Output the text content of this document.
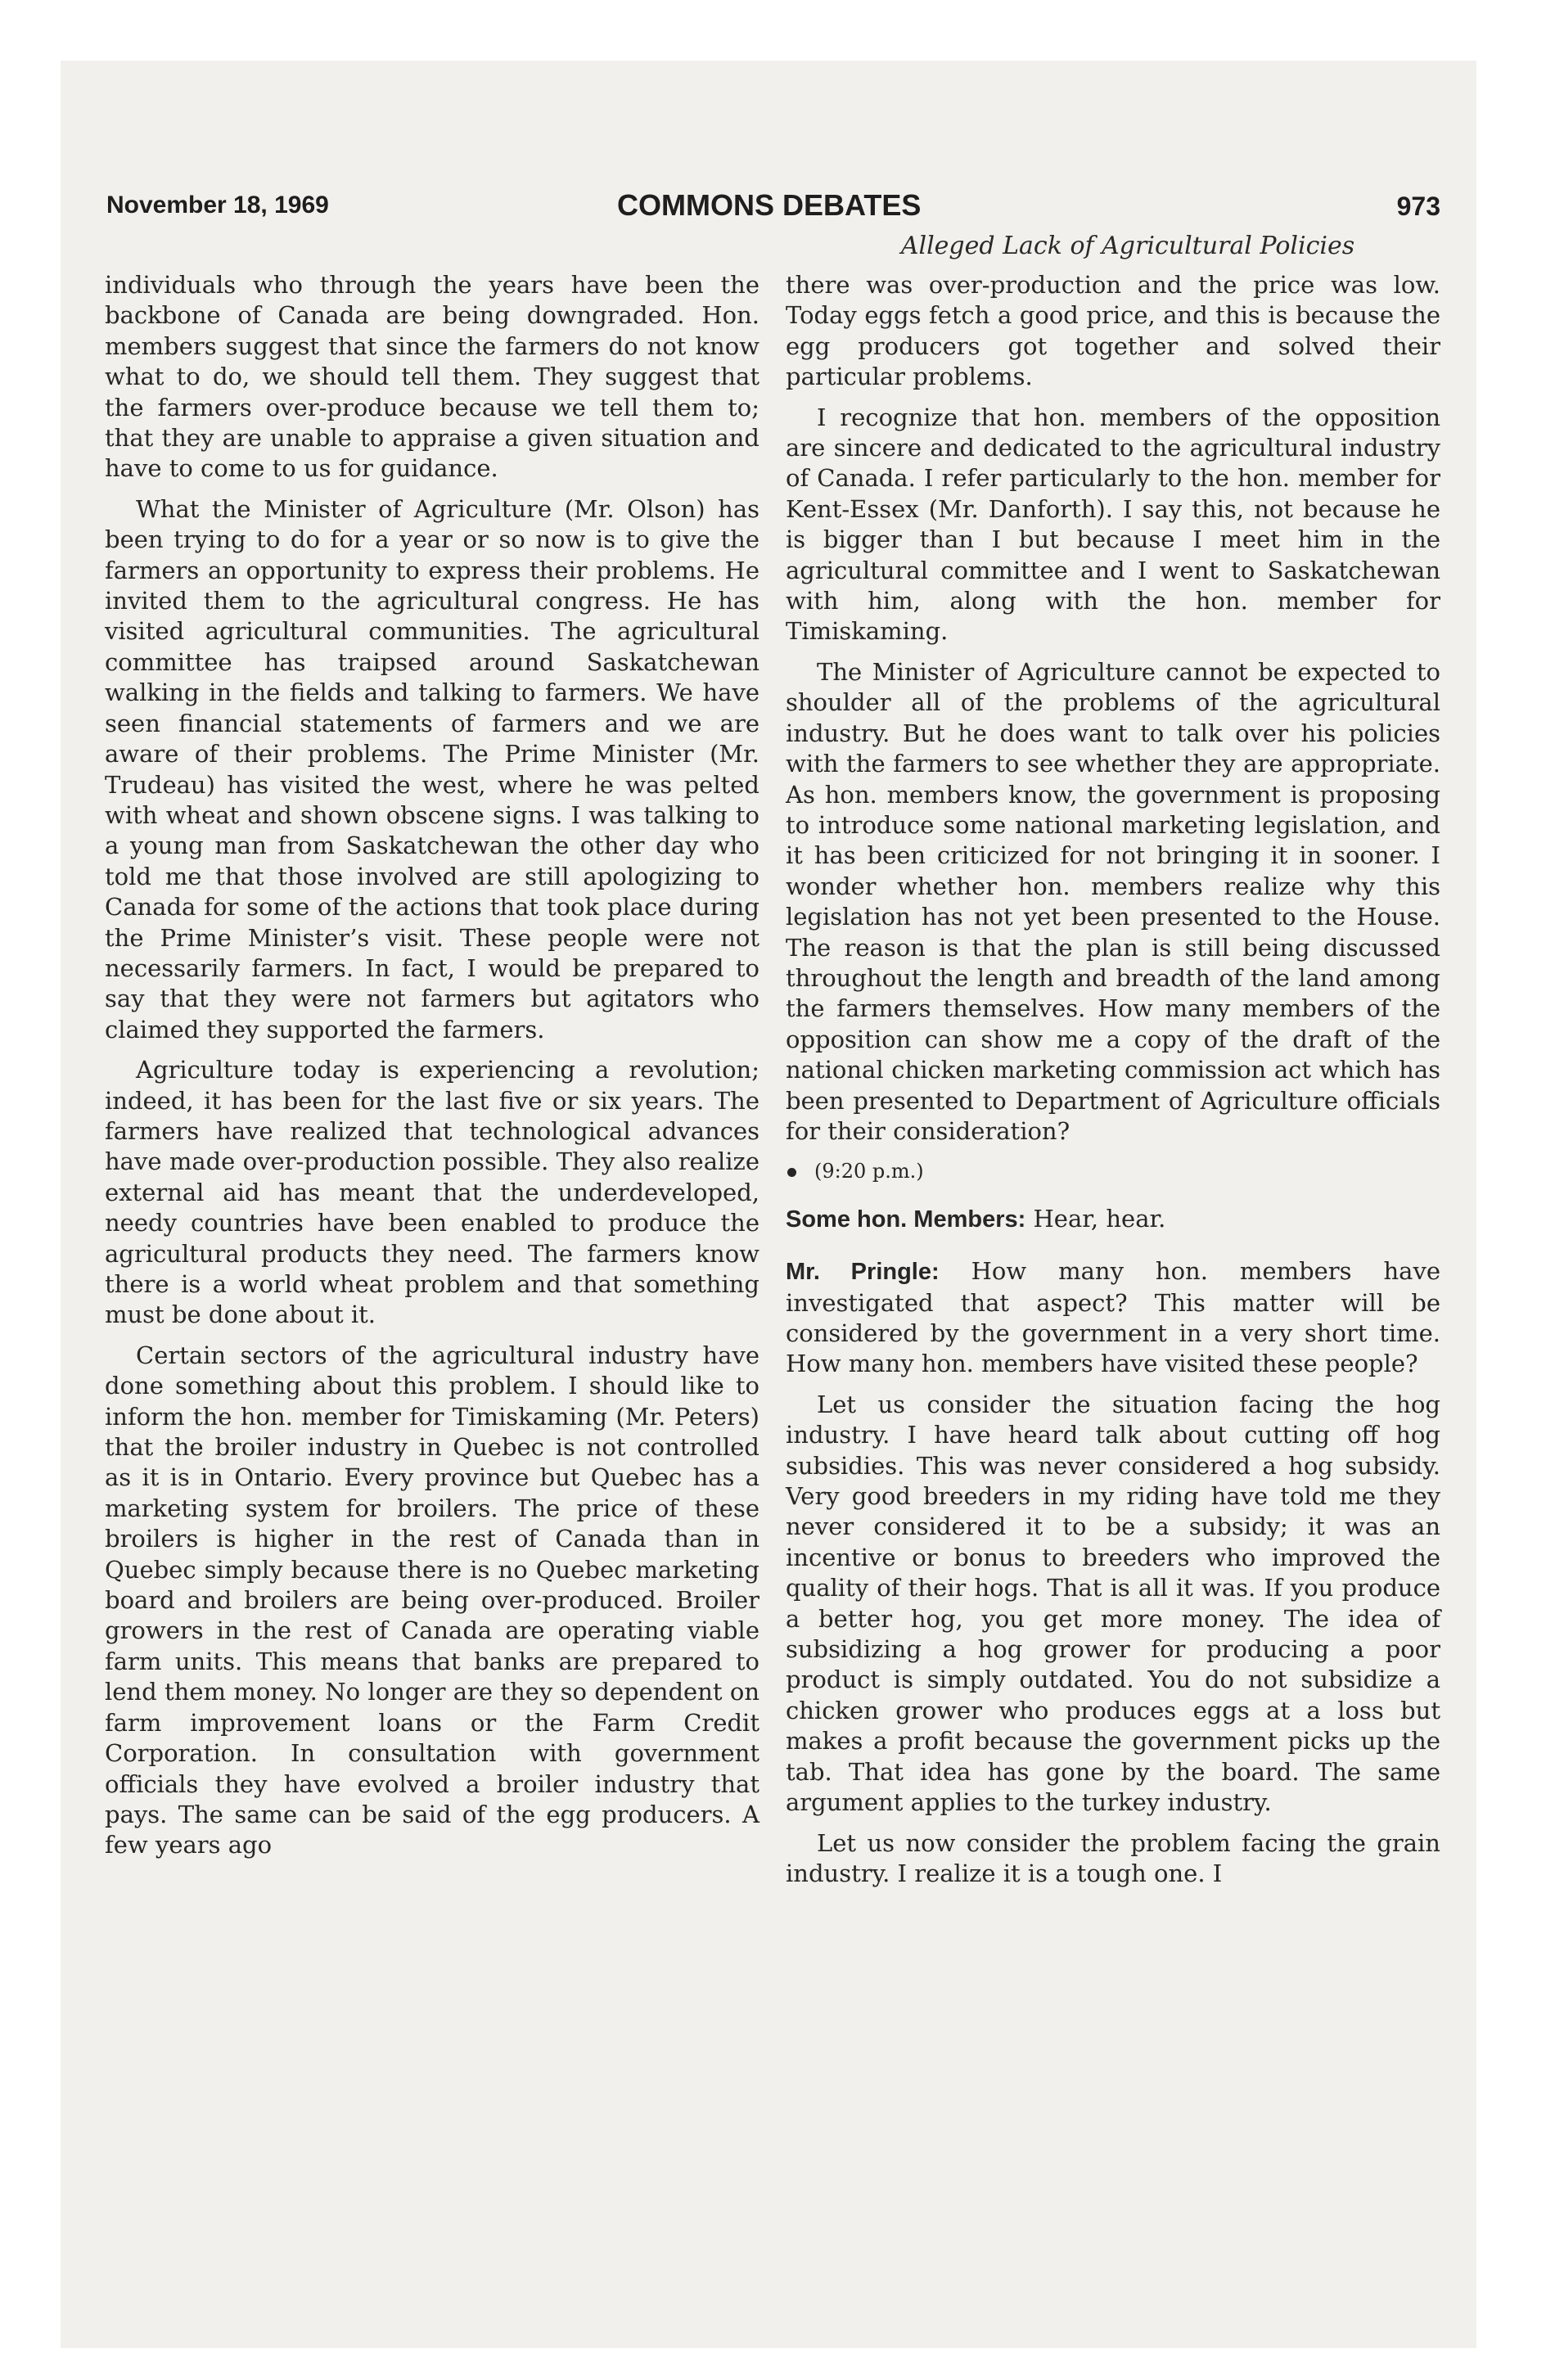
November 18, 1969	COMMONS DEBATES	973
Alleged Lack of Agricultural Policies

individuals who through the years have been the backbone of Canada are being downgraded. Hon. members suggest that since the farmers do not know what to do, we should tell them. They suggest that the farmers over-produce because we tell them to; that they are unable to appraise a given situation and have to come to us for guidance.

What the Minister of Agriculture (Mr. Olson) has been trying to do for a year or so now is to give the farmers an opportunity to express their problems. He invited them to the agricultural congress. He has visited agricultural communities. The agricultural committee has traipsed around Saskatchewan walking in the fields and talking to farmers. We have seen financial statements of farmers and we are aware of their problems. The Prime Minister (Mr. Trudeau) has visited the west, where he was pelted with wheat and shown obscene signs. I was talking to a young man from Saskatchewan the other day who told me that those involved are still apologizing to Canada for some of the actions that took place during the Prime Minister’s visit. These people were not necessarily farmers. In fact, I would be prepared to say that they were not farmers but agitators who claimed they supported the farmers.

Agriculture today is experiencing a revolution; indeed, it has been for the last five or six years. The farmers have realized that technological advances have made over-production possible. They also realize external aid has meant that the underdeveloped, needy countries have been enabled to produce the agricultural products they need. The farmers know there is a world wheat problem and that something must be done about it.

Certain sectors of the agricultural industry have done something about this problem. I should like to inform the hon. member for Timiskaming (Mr. Peters) that the broiler industry in Quebec is not controlled as it is in Ontario. Every province but Quebec has a marketing system for broilers. The price of these broilers is higher in the rest of Canada than in Quebec simply because there is no Quebec marketing board and broilers are being over-produced. Broiler growers in the rest of Canada are operating viable farm units. This means that banks are prepared to lend them money. No longer are they so dependent on farm improvement loans or the Farm Credit Corporation. In consultation with government officials they have evolved a broiler industry that pays. The same can be said of the egg producers. A few years ago

there was over-production and the price was low. Today eggs fetch a good price, and this is because the egg producers got together and solved their particular problems.

I recognize that hon. members of the opposition are sincere and dedicated to the agricultural industry of Canada. I refer particularly to the hon. member for Kent-Essex (Mr. Danforth). I say this, not because he is bigger than I but because I meet him in the agricultural committee and I went to Saskatchewan with him, along with the hon. member for Timiskaming.

The Minister of Agriculture cannot be expected to shoulder all of the problems of the agricultural industry. But he does want to talk over his policies with the farmers to see whether they are appropriate. As hon. members know, the government is proposing to introduce some national marketing legislation, and it has been criticized for not bringing it in sooner. I wonder whether hon. members realize why this legislation has not yet been presented to the House. The reason is that the plan is still being discussed throughout the length and breadth of the land among the farmers themselves. How many members of the opposition can show me a copy of the draft of the national chicken marketing commission act which has been presented to Department of Agriculture officials for their consideration?

(9:20 p.m.)

Some hon. Members: Hear, hear.

Mr. Pringle: How many hon. members have investigated that aspect? This matter will be considered by the government in a very short time. How many hon. members have visited these people?

Let us consider the situation facing the hog industry. I have heard talk about cutting off hog subsidies. This was never considered a hog subsidy. Very good breeders in my riding have told me they never considered it to be a subsidy; it was an incentive or bonus to breeders who improved the quality of their hogs. That is all it was. If you produce a better hog, you get more money. The idea of subsidizing a hog grower for producing a poor product is simply outdated. You do not subsidize a chicken grower who produces eggs at a loss but makes a profit because the government picks up the tab. That idea has gone by the board. The same argument applies to the turkey industry.

Let us now consider the problem facing the grain industry. I realize it is a tough one. I
